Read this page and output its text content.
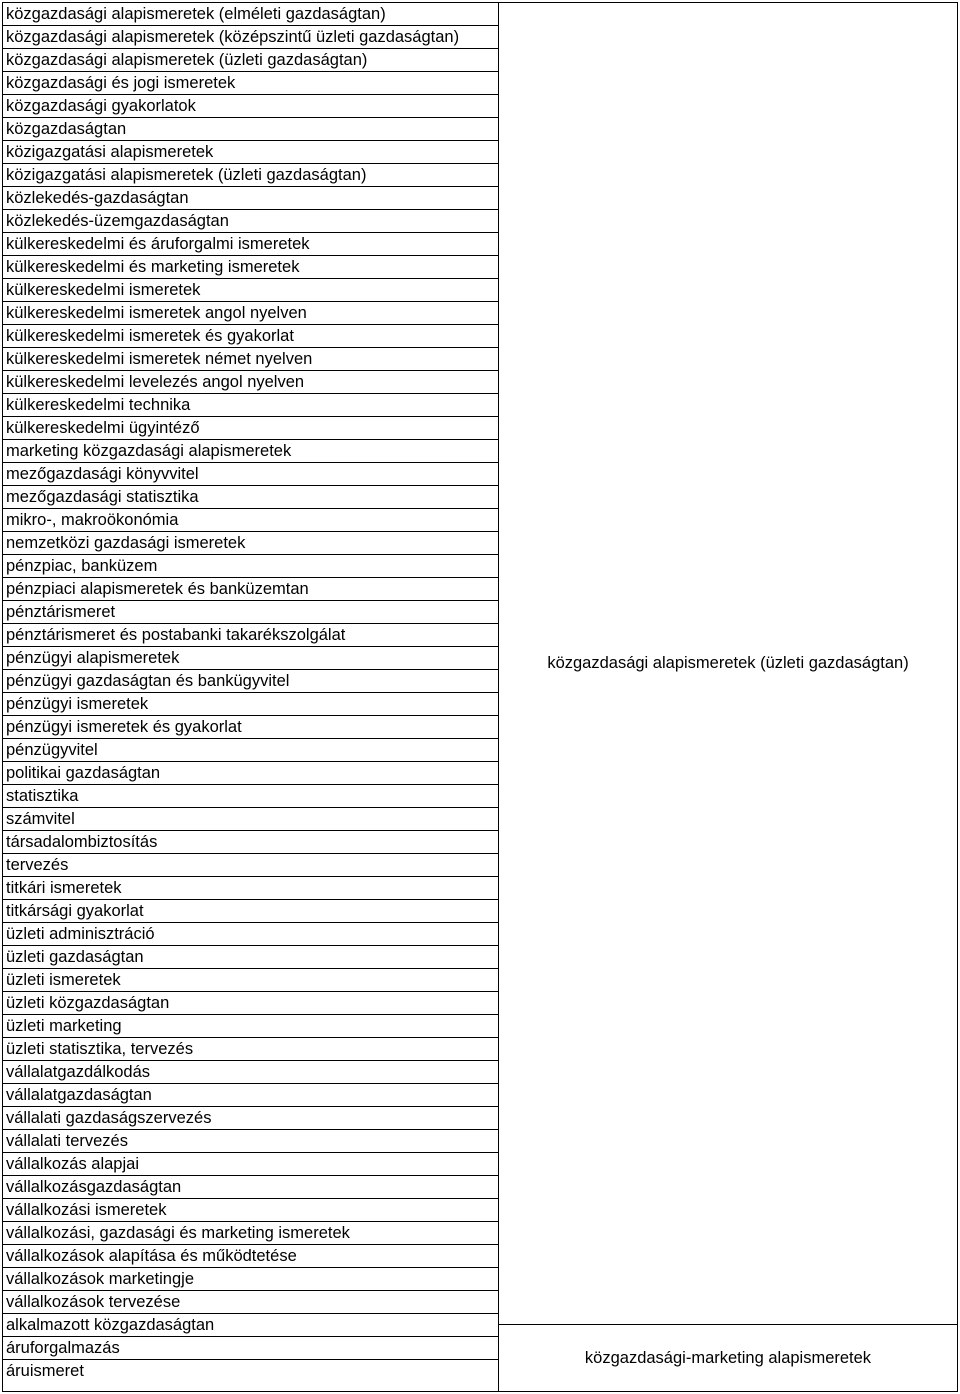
közgazdasági alapismeretek (elméleti gazdaságtan)
közgazdasági alapismeretek (középszintű üzleti gazdaságtan)
közgazdasági alapismeretek (üzleti gazdaságtan)
közgazdasági és jogi ismeretek
közgazdasági gyakorlatok
közgazdaságtan
közigazgatási alapismeretek
közigazgatási alapismeretek (üzleti gazdaságtan)
közlekedés-gazdaságtan
közlekedés-üzemgazdaságtan
külkereskedelmi és áruforgalmi ismeretek
külkereskedelmi és marketing ismeretek
külkereskedelmi ismeretek
külkereskedelmi ismeretek angol nyelven
külkereskedelmi ismeretek és gyakorlat
külkereskedelmi ismeretek német nyelven
külkereskedelmi levelezés angol nyelven
külkereskedelmi technika
külkereskedelmi ügyintéző
marketing közgazdasági alapismeretek
mezőgazdasági könyvvitel
mezőgazdasági statisztika
mikro-, makroökonómia
nemzetközi gazdasági ismeretek
pénzpiac, banküzem
pénzpiaci alapismeretek és banküzemtan
pénztárismeret
pénztárismeret és postabanki takarékszolgálat
pénzügyi alapismeretek
pénzügyi gazdaságtan és bankügyvitel
pénzügyi ismeretek
pénzügyi ismeretek és gyakorlat
pénzügyvitel
politikai gazdaságtan
statisztika
számvitel
társadalombiztosítás
tervezés
titkári ismeretek
titkársági gyakorlat
üzleti adminisztráció
üzleti gazdaságtan
üzleti ismeretek
üzleti közgazdaságtan
üzleti marketing
üzleti statisztika, tervezés
vállalatgazdálkodás
vállalatgazdaságtan
vállalati gazdaságszervezés
vállalati tervezés
vállalkozás alapjai
vállalkozásgazdaságtan
vállalkozási ismeretek
vállalkozási, gazdasági és marketing ismeretek
vállalkozások alapítása és működtetése
vállalkozások marketingje
vállalkozások tervezése
alkalmazott közgazdaságtan
áruforgalmazás
áruismeret
közgazdasági alapismeretek (üzleti gazdaságtan)
közgazdasági-marketing alapismeretek
